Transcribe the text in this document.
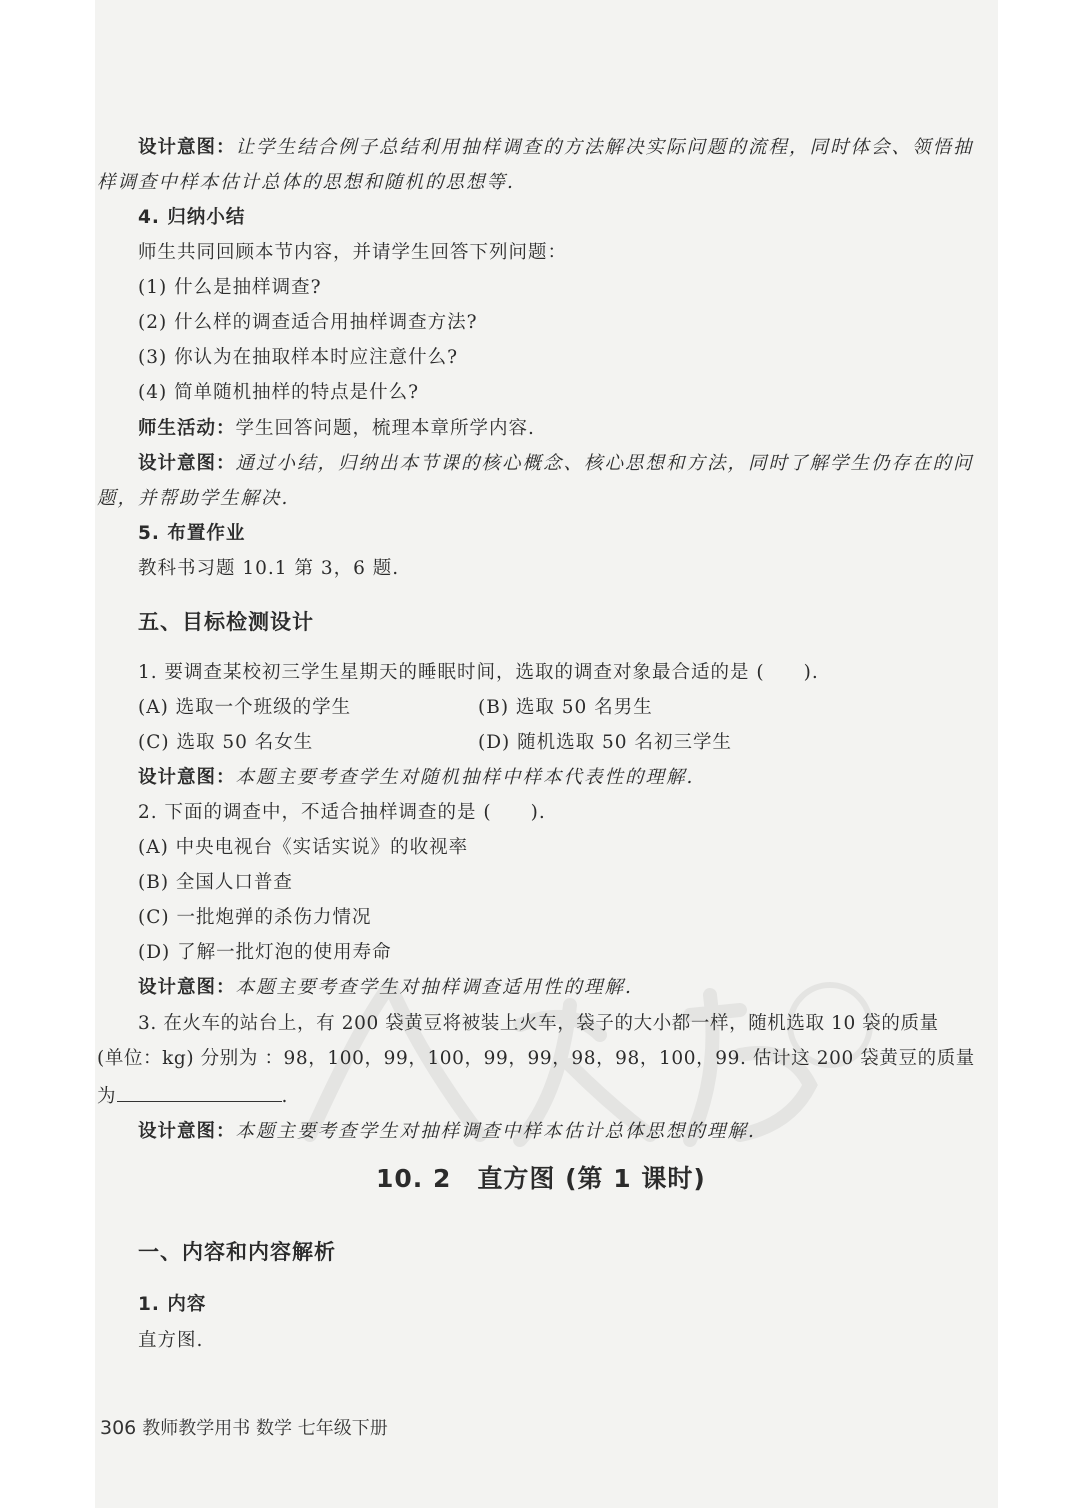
设计意图：让学生结合例子总结利用抽样调查的方法解决实际问题的流程，同时体会、领悟抽

样调查中样本估计总体的思想和随机的思想等.

4. 归纳小结

师生共同回顾本节内容，并请学生回答下列问题：

(1) 什么是抽样调查?

(2) 什么样的调查适合用抽样调查方法?

(3) 你认为在抽取样本时应注意什么?

(4) 简单随机抽样的特点是什么?

师生活动：学生回答问题，梳理本章所学内容.

设计意图：通过小结，归纳出本节课的核心概念、核心思想和方法，同时了解学生仍存在的问

题，并帮助学生解决.

5. 布置作业

教科书习题 10.1 第 3，6 题.

五、目标检测设计

1. 要调查某校初三学生星期天的睡眠时间，选取的调查对象最合适的是 (　　).

(A) 选取一个班级的学生	(B) 选取 50 名男生

(C) 选取 50 名女生	(D) 随机选取 50 名初三学生

设计意图：本题主要考查学生对随机抽样中样本代表性的理解.

2. 下面的调查中，不适合抽样调查的是 (　　).

(A) 中央电视台《实话实说》的收视率

(B) 全国人口普查

(C) 一批炮弹的杀伤力情况

(D) 了解一批灯泡的使用寿命

设计意图：本题主要考查学生对抽样调查适用性的理解.

3. 在火车的站台上，有 200 袋黄豆将被装上火车，袋子的大小都一样，随机选取 10 袋的质量

(单位：kg) 分别为 ：98，100，99，100，99，99，98，98，100，99. 估计这 200 袋黄豆的质量

为	.

设计意图：本题主要考查学生对抽样调查中样本估计总体思想的理解.

10. 2　直方图 (第 1 课时)

一、内容和内容解析

1. 内容

直方图.

306 教师教学用书 数学 七年级下册
